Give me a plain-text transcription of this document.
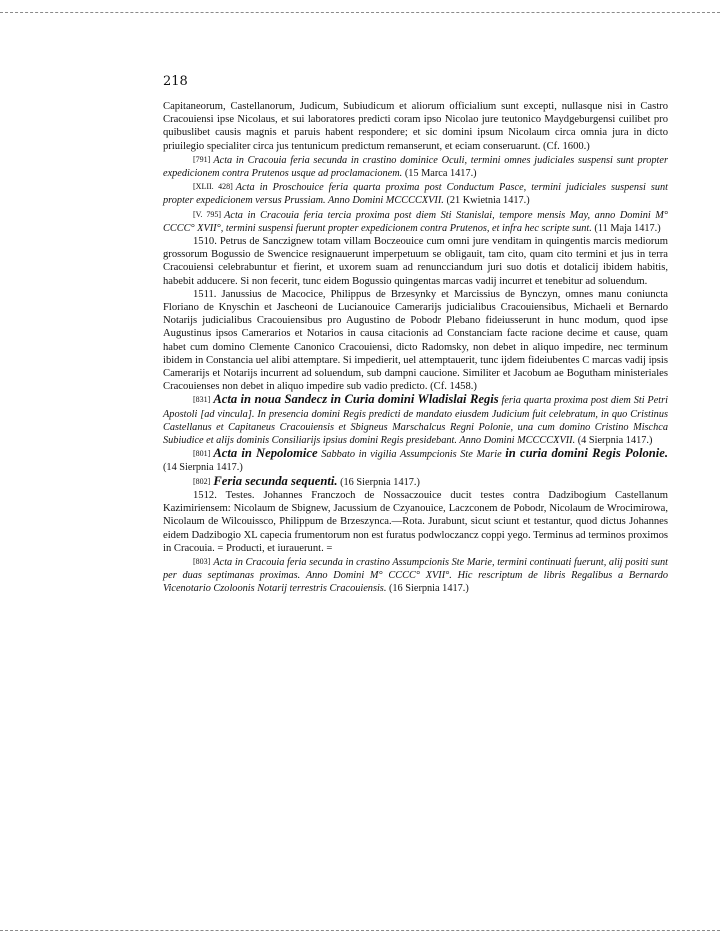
218

Capitaneorum, Castellanorum, Judicum, Subiudicum et aliorum officialium sunt excepti, nullasque nisi in Castro Cracouiensi ipse Nicolaus, et sui laboratores predicti coram ipso Nicolao jure teutonico Maydgeburgensi cuilibet pro quibuslibet causis magnis et paruis habent respondere; et sic domini ipsum Nicolaum circa omnia jura in dicto priuilegio specialiter circa jus tentunicum predictum remanserunt, et eciam conseruarunt. (Cf. 1600.)

[791] Acta in Cracouia feria secunda in crastino dominice Oculi, termini omnes judiciales suspensi sunt propter expedicionem contra Prutenos usque ad proclamacionem. (15 Marca 1417.)

[XLII. 428] Acta in Proschouice feria quarta proxima post Conductum Pasce, termini judiciales suspensi sunt propter expedicionem versus Prussiam. Anno Domini MCCCCXVII. (21 Kwietnia 1417.)

[V. 795] Acta in Cracouia feria tercia proxima post diem Sti Stanislai, tempore mensis May, anno Domini M° CCCC° XVII°, termini suspensi fuerunt propter expedicionem contra Prutenos, et infra hec scripte sunt. (11 Maja 1417.)

1510. Petrus de Sanczignew totam villam Boczeouice cum omni jure venditam in quingentis marcis mediorum grossorum Bogussio de Swencice resignauerunt imperpetuum se obligauit, tam cito, quam cito termini et jus in terra Cracouiensi celebrabuntur et fierint, et uxorem suam ad renuncciandum juri suo dotis et dotalicij ibidem habitis, habebit adducere. Si non fecerit, tunc eidem Bogussio quingentas marcas vadij incurret et tenebitur ad soluendum.

1511. Janussius de Macocice, Philippus de Brzesynky et Marcissius de Bynczyn, omnes manu coniuncta Floriano de Knyschin et Jascheoni de Lucianouice Camerarijs judicialibus Cracouiensibus, Michaeli et Bernardo Notarijs judicialibus Cracouiensibus pro Augustino de Pobodr Plebano fideiusserunt in hunc modum, quod ipse Augustinus ipsos Camerarios et Notarios in causa citacionis ad Constanciam facte racione decime et cause, quam habet cum domino Clemente Canonico Cracouiensi, dicto Radomsky, non debet in aliquo impedire, nec terminum ibidem in Constancia uel alibi attemptare. Si impedierit, uel attemptauerit, tunc ijdem fideiubentes C marcas vadij ipsis Camerarijs et Notarijs incurrent ad soluendum, sub dampni caucione. Similiter et Jacobum ae Bogutham ministeriales Cracouienses non debet in aliquo impedire sub vadio predicto. (Cf. 1458.)

[831] Acta in noua Sandecz in Curia domini Wladislai Regis feria quarta proxima post diem Sti Petri Apostoli [ad vincula]. In presencia domini Regis predicti de mandato eiusdem Judicium fuit celebratum, in quo Cristinus Castellanus et Capitaneus Cracouiensis et Sbigneus Marschalcus Regni Polonie, una cum domino Cristino Mischca Subiudice et alijs dominis Consiliarijs ipsius domini Regis presidebant. Anno Domini MCCCCXVII. (4 Sierpnia 1417.)

[801] Acta in Nepolomice Sabbato in vigilia Assumpcionis Ste Marie in curia domini Regis Polonie. (14 Sierpnia 1417.)

[802] Feria secunda sequenti. (16 Sierpnia 1417.)

1512. Testes. Johannes Franczoch de Nossaczouice ducit testes contra Dadzibogium Castellanum Kazimiriensem: Nicolaum de Sbignew, Jacussium de Czyanouice, Laczconem de Pobodr, Nicolaum de Wrocimirowa, Nicolaum de Wilcouissco, Philippum de Brzeszynca.—Rota. Jurabunt, sicut sciunt et testantur, quod dictus Johannes eidem Dadzibogio XL capecia frumentorum non est furatus podwloczancz coppi yego. Terminus ad terminos proximos in Cracouia. = Producti, et iurauerunt. =

[803] Acta in Cracouia feria secunda in crastino Assumpcionis Ste Marie, termini continuati fuerunt, alij positi sunt per duas septimanas proximas. Anno Domini M° CCCC° XVII°. Hic rescriptum de libris Regalibus a Bernardo Vicenotario Czoloonis Notarij terrestris Cracouiensis. (16 Sierpnia 1417.)
